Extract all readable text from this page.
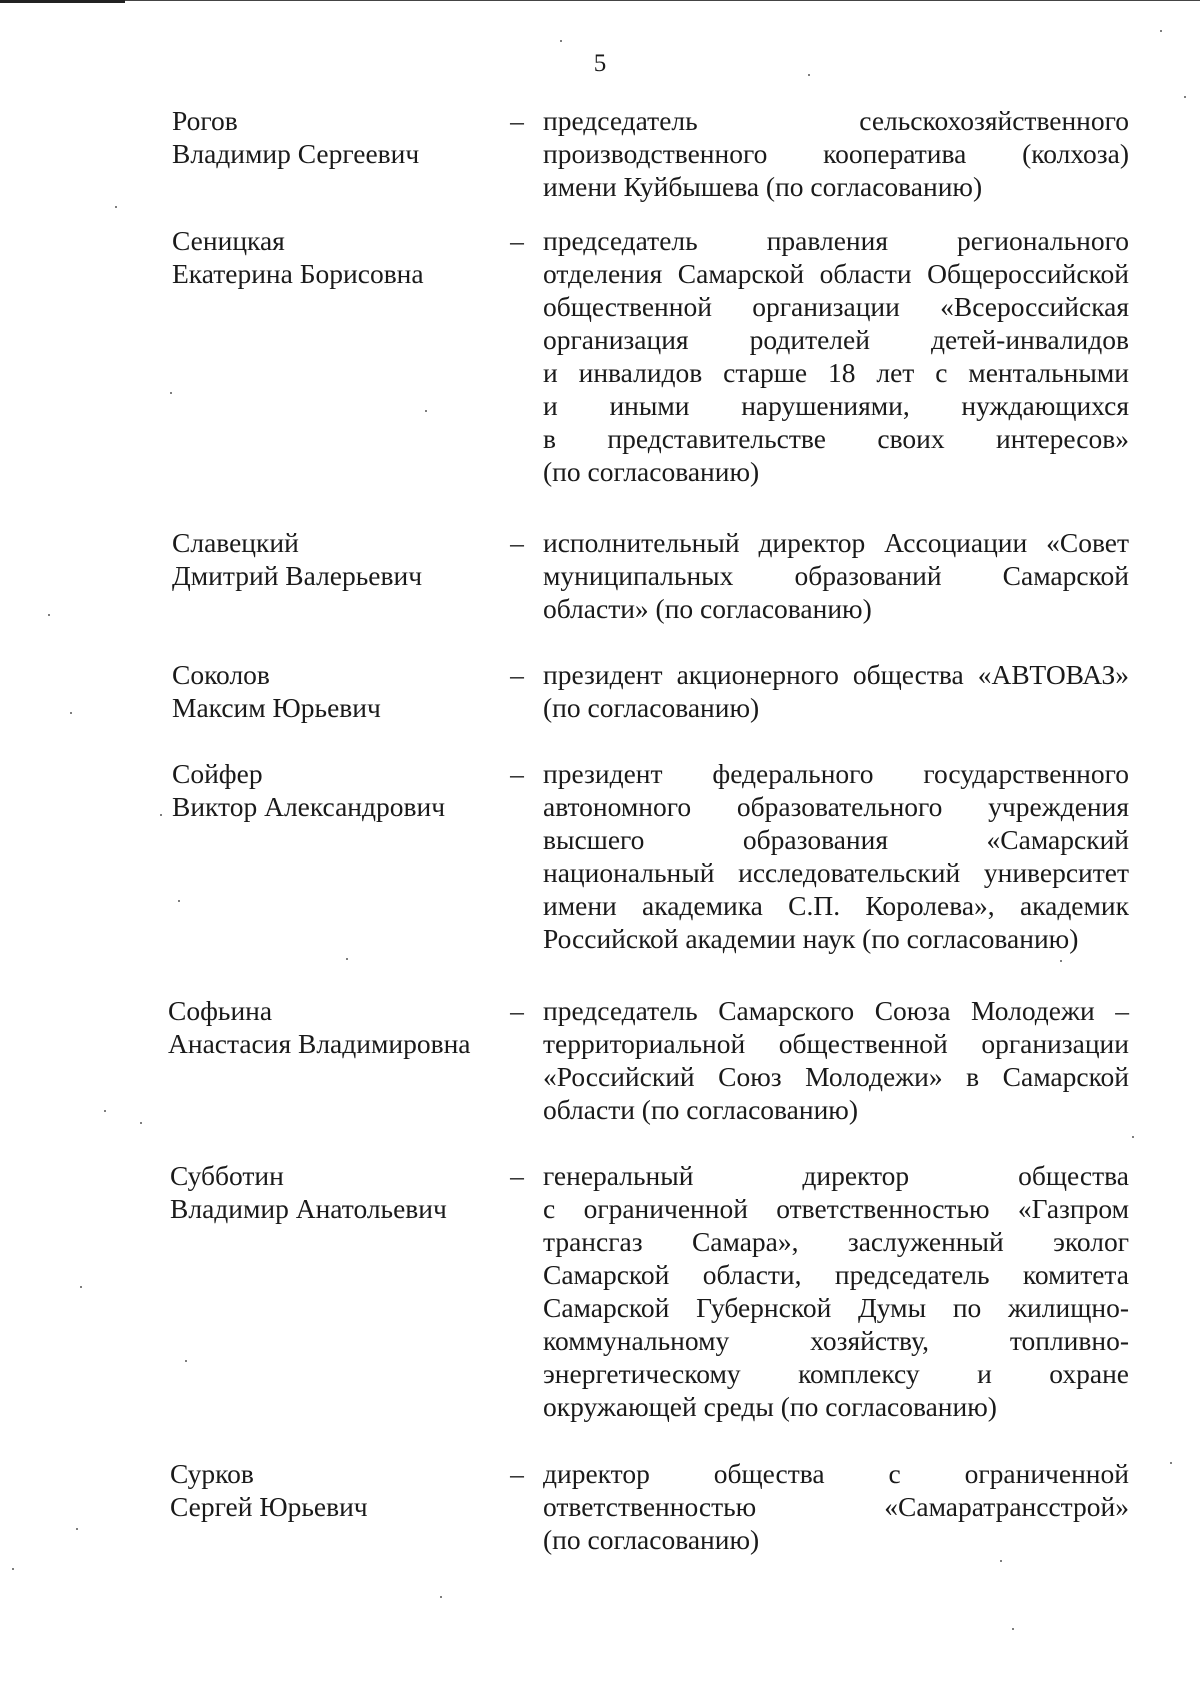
5
Рогов
Владимир Сергеевич
– председатель сельскохозяйственного
производственного кооператива (колхоза)
имени Куйбышева (по согласованию)
Сеницкая
Екатерина Борисовна
– председатель правления регионального
отделения Самарской области Общероссийской
общественной организации «Всероссийская
организация родителей детей-инвалидов
и инвалидов старше 18 лет с ментальными
и иными нарушениями, нуждающихся
в представительстве своих интересов»
(по согласованию)
Славецкий
Дмитрий Валерьевич
– исполнительный директор Ассоциации «Совет
муниципальных образований Самарской
области» (по согласованию)
Соколов
Максим Юрьевич
– президент акционерного общества «АВТОВАЗ»
(по согласованию)
Сойфер
Виктор Александрович
– президент федерального государственного
автономного образовательного учреждения
высшего образования «Самарский
национальный исследовательский университет
имени академика С.П. Королева», академик
Российской академии наук (по согласованию)
Софьина
Анастасия Владимировна
– председатель Самарского Союза Молодежи –
территориальной общественной организации
«Российский Союз Молодежи» в Самарской
области (по согласованию)
Субботин
Владимир Анатольевич
– генеральный директор общества
с ограниченной ответственностью «Газпром
трансгаз Самара», заслуженный эколог
Самарской области, председатель комитета
Самарской Губернской Думы по жилищно-
коммунальному хозяйству, топливно-
энергетическому комплексу и охране
окружающей среды (по согласованию)
Сурков
Сергей Юрьевич
– директор общества с ограниченной
ответственностью «Самаратрансстрой»
(по согласованию)
